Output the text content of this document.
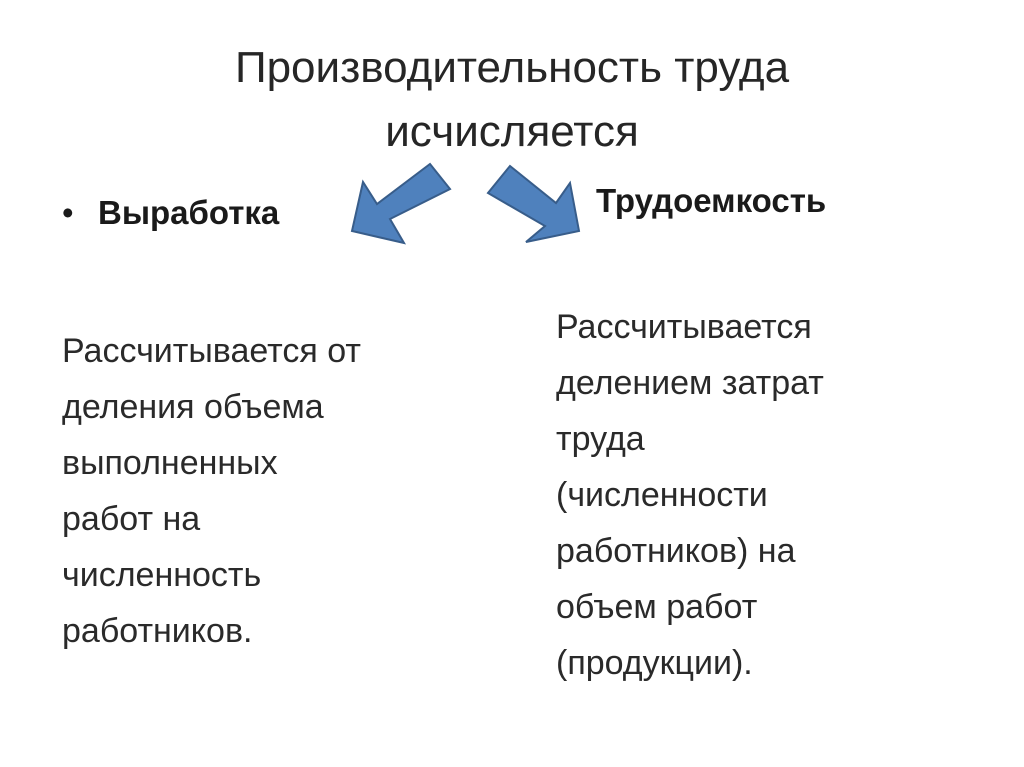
Производительность труда
исчисляется
• Выработка	Трудоемкость
Рассчитывается от
деления объема
выполненных
работ на
численность
работников.
Рассчитывается
делением затрат
труда
(численности
работников) на
объем работ
(продукции).
